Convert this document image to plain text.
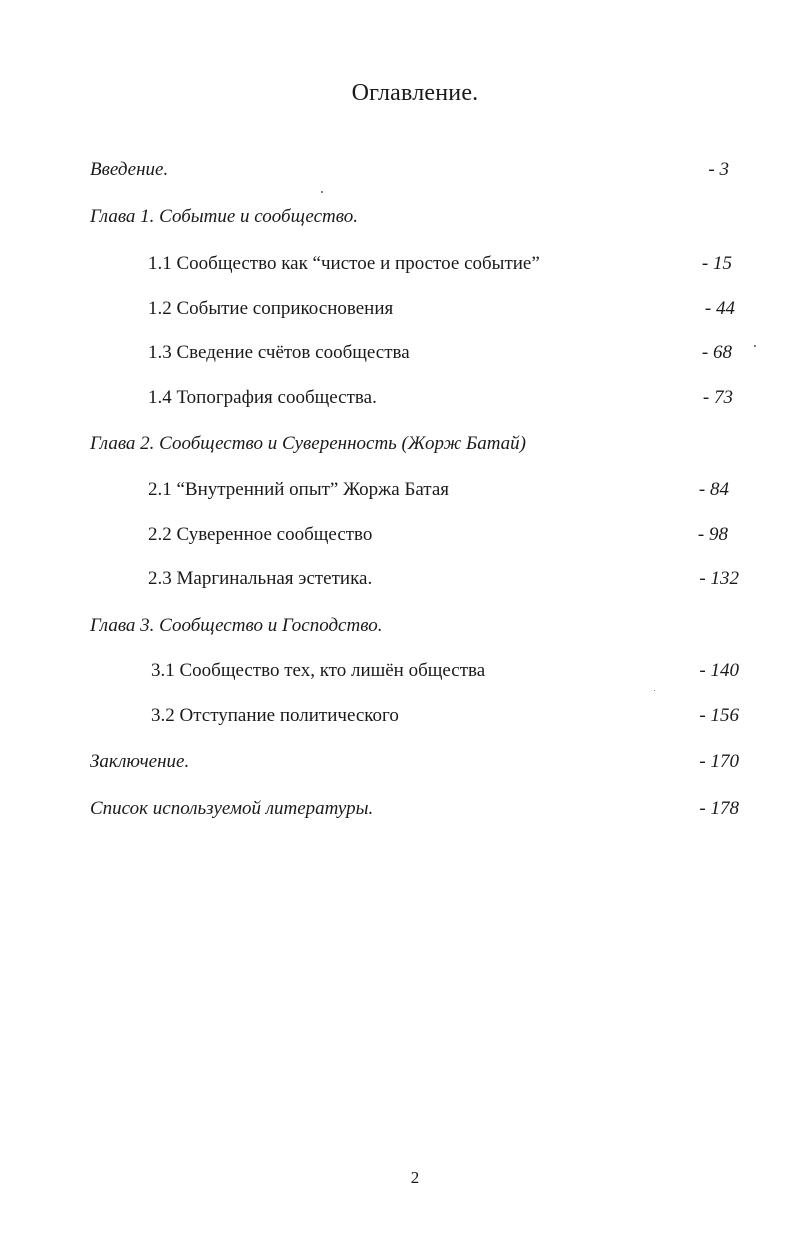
Оглавление.
Введение.	- 3
Глава 1. Событие и сообщество.
1.1 Сообщество как “чистое и простое событие”	- 15
1.2 Событие соприкосновения	- 44
1.3 Сведение счётов сообщества	- 68
1.4 Топография сообщества.	- 73
Глава 2. Сообщество и Суверенность (Жорж Батай)
2.1 “Внутренний опыт” Жоржа Батая	- 84
2.2 Суверенное сообщество	- 98
2.3 Маргинальная эстетика.	- 132
Глава 3. Сообщество и Господство.
3.1 Сообщество тех, кто лишён общества	- 140
3.2 Отступание политического	- 156
Заключение.	- 170
Список используемой литературы.	- 178
2
